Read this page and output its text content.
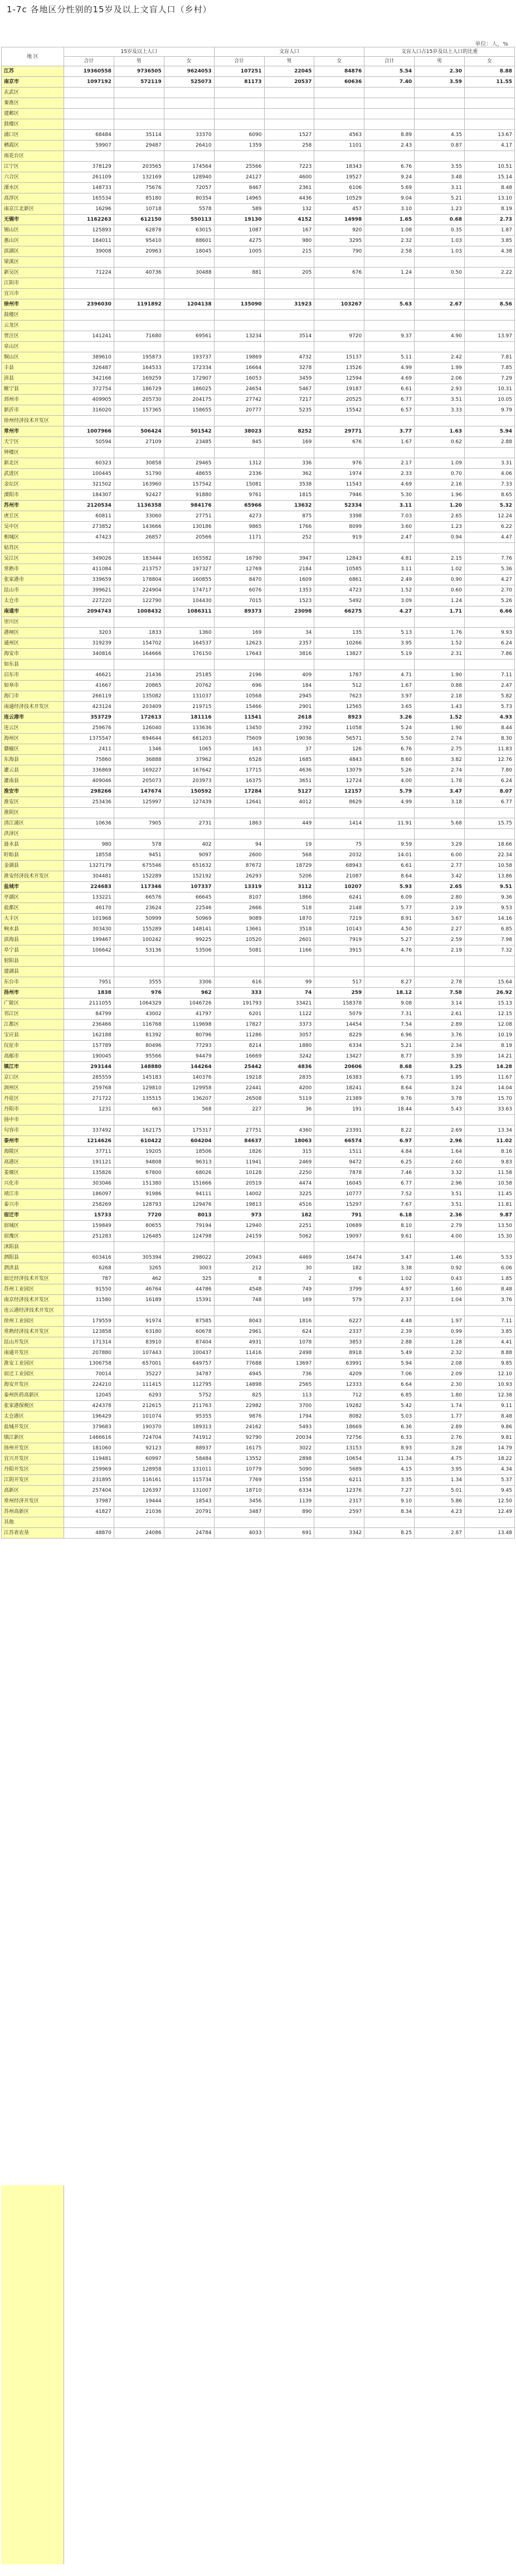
1-7c 各地区分性别的15岁及以上文盲人口（乡村）
单位：人，%
地 区	15岁及以上人口			文盲人口			文盲人口占15岁及以上人口的比重		
	合计	男	女	合计	男	女	合计	男	女
江苏	19360558	9736505	9624053	107251	22045	84876	5.54	2.30	8.88
南京市	1097192	572119	525073	81173	20537	60636	7.40	3.59	11.55
玄武区									
秦淮区									
建邺区									
鼓楼区									
浦口区	68484	35114	33370	6090	1527	4563	8.89	4.35	13.67
栖霞区	59907	29487	26410	1359	258	1101	2.43	0.87	4.17
雨花台区									
江宁区	378129	203565	174564	25566	7223	18343	6.76	3.55	10.51
六合区	261109	132169	128940	24127	4600	19527	9.24	3.48	15.14
溧水区	148733	75676	72057	8467	2361	6106	5.69	3.11	8.48
高淳区	165534	85180	80354	14965	4436	10529	9.04	5.21	13.10
南京江北新区	16296	10718	5578	589	132	457	3.10	1.23	8.19
无锡市	1162263	612150	550113	19130	4152	14998	1.65	0.68	2.73
锡山区	125893	62878	63015	1087	167	920	1.08	0.35	1.87
惠山区	184011	95410	88601	4275	980	3295	2.32	1.03	3.85
滨湖区	39008	20963	18045	1005	215	790	2.58	1.03	4.38
梁溪区									
新吴区	71224	40736	30488	881	205	676	1.24	0.50	2.22
江阴市									
宜兴市									
徐州市	2396030	1191892	1204138	135090	31923	103267	5.63	2.67	8.56
鼓楼区									
云龙区									
贾汪区	141241	71680	69561	13234	3514	9720	9.37	4.90	13.97
泉山区									
铜山区	389610	195873	193737	19869	4732	15137	5.11	2.42	7.81
丰县	326487	164533	172334	16664	3278	13526	4.99	1.99	7.85
沛县	342166	169259	172907	16053	3459	12594	4.69	2.06	7.29
睢宁县	372754	186729	186025	24654	5467	19187	6.61	2.93	10.31
邳州市	409905	205730	204175	27742	7217	20525	6.77	3.51	10.05
新沂市	316020	157365	158655	20777	5235	15542	6.57	3.33	9.79
徐州经济技术开发区									
常州市	1007966	506424	501542	38023	8252	29771	3.77	1.63	5.94
天宁区	50594	27109	23485	845	169	676	1.67	0.62	2.88
钟楼区									
新北区	60323	30858	29465	1312	336	976	2.17	1.09	3.31
武进区	100445	51790	48655	2336	362	1974	2.33	0.70	4.06
金坛区	321502	163960	157542	15081	3538	11543	4.69	2.16	7.33
溧阳市	184307	92427	91880	9761	1815	7946	5.30	1.96	8.65
苏州市	2120534	1136358	984176	65966	13632	52334	3.11	1.20	5.32
虎丘区	60811	33060	27751	4273	875	3398	7.03	2.65	12.24
吴中区	273852	143666	130186	9865	1766	8099	3.60	1.23	6.22
相城区	47423	26857	20566	1171	252	919	2.47	0.94	4.47
姑苏区									
吴江区	349026	183444	165582	16790	3947	12843	4.81	2.15	7.76
常熟市	411084	213757	197327	12769	2184	10585	3.11	1.02	5.36
张家港市	339659	178804	160855	8470	1609	6861	2.49	0.90	4.27
昆山市	399621	224904	174717	6076	1353	4723	1.52	0.60	2.70
太仓市	227220	122790	104430	7015	1523	5492	3.09	1.24	5.26
南通市	2094743	1008432	1086311	89373	23098	66275	4.27	1.71	6.66
崇川区									
港闸区	3203	1833	1360	169	34	135	5.13	1.76	9.93
通州区	319239	154702	164537	12623	2357	10266	3.95	1.52	6.24
海安市	340816	164666	176150	17643	3816	13827	5.19	2.31	7.86
如东县									
启东市	46621	21436	25185	2196	409	1787	4.71	1.90	7.11
如皋市	41667	20865	20762	696	184	512	1.67	0.88	2.47
海门市	266119	135082	131037	10568	2945	7623	3.97	2.18	5.82
南通经济技术开发区	423124	203409	219715	15466	2901	12565	3.65	1.43	5.73
连云港市	353729	172613	181116	11541	2618	8923	3.26	1.52	4.93
连云区	259676	126040	133636	13450	2392	11058	5.24	1.90	8.44
海州区	1375547	694644	681203	75609	19036	56571	5.50	2.74	8.30
赣榆区	2411	1346	1065	163	37	126	6.76	2.75	11.83
东海县	75860	36888	37962	6528	1685	4843	8.60	3.82	12.76
灌云县	336869	169227	167642	17715	4636	13079	5.26	2.74	7.80
灌南县	409046	205073	203973	16375	3651	12724	4.00	1.78	6.24
淮安市	298266	147674	150592	17284	5127	12157	5.79	3.47	8.07
淮安区	253436	125997	127439	12641	4012	8629	4.99	3.18	6.77
淮阴区									
清江浦区	10636	7905	2731	1863	449	1414	11.91	5.68	15.75
洪泽区									
涟水县	980	578	402	94	19	75	9.59	3.29	18.66
盱眙县	18558	9451	9097	2600	568	2032	14.01	6.00	22.34
金湖县	1327179	675546	651632	87672	18729	68943	6.61	2.77	10.58
淮安经济技术开发区	304481	152289	152192	26293	5206	21087	8.64	3.42	13.86
盐城市	224683	117346	107337	13319	3112	10207	5.93	2.65	9.51
亭湖区	133221	66576	66645	8107	1866	6241	6.09	2.80	9.36
盐都区	46170	23624	22546	2666	518	2148	5.77	2.19	9.53
大丰区	101968	50999	50969	9089	1870	7219	8.91	3.67	14.16
响水县	303430	155289	148141	13661	3518	10143	4.50	2.27	6.85
滨海县	199467	100242	99225	10520	2601	7919	5.27	2.59	7.98
阜宁县	106642	53136	53506	5081	1166	3915	4.76	2.19	7.32
射阳县									
建湖县									
东台市	7951	3555	3306	616	99	517	8.27	2.78	15.64
扬州市	1838	976	962	333	74	259	18.12	7.58	26.92
广陵区	2111055	1064329	1046726	191793	33421	158378	9.08	3.14	15.13
邗江区	84799	43002	41797	6201	1122	5079	7.31	2.61	12.15
江都区	236466	116768	119698	17827	3373	14454	7.54	2.89	12.08
宝应县	162188	81392	80796	11286	3057	8229	6.96	3.76	10.19
仪征市	157789	80496	77293	8214	1880	6334	5.21	2.34	8.19
高邮市	190045	95566	94479	16669	3242	13427	8.77	3.39	14.21
镇江市	293144	148880	144264	25442	4836	20606	8.68	3.25	14.28
京口区	285559	145183	140376	19218	2835	16383	6.73	1.95	11.67
润州区	259768	129810	129958	22441	4200	18241	8.64	3.24	14.04
丹徒区	271722	135515	136207	26508	5119	21389	9.76	3.78	15.70
丹阳市	1231	663	568	227	36	191	18.44	5.43	33.63
扬中市									
句容市	337492	162175	175317	27751	4360	23391	8.22	2.69	13.34
泰州市	1214626	610422	604204	84637	18063	66574	6.97	2.96	11.02
海陵区	37711	19205	18506	1826	315	1511	4.84	1.64	8.16
高港区	191121	94808	96313	11941	2469	9472	6.25	2.60	9.83
姜堰区	135826	67800	68026	10128	2250	7878	7.46	3.32	11.58
兴化市	303046	151380	151666	20519	4474	16045	6.77	2.96	10.58
靖江市	186097	91986	94111	14002	3225	10777	7.52	3.51	11.45
泰兴市	258269	128793	129476	19813	4516	15297	7.67	3.51	11.81
宿迁市	15733	7720	8013	973	182	791	6.18	2.36	9.87
宿城区	159849	80655	79194	12940	2251	10689	8.10	2.79	13.50
宿豫区	251283	126485	124798	24159	5062	19097	9.61	4.00	15.30
沭阳县									
泗阳县	603416	305394	298022	20943	4469	16474	3.47	1.46	5.53
泗洪县	6268	3265	3003	212	30	182	3.38	0.92	6.06
宿迁经济技术开发区	787	462	325	8	2	6	1.02	0.43	1.85
苏州工业园区	91550	46764	44786	4548	749	3799	4.97	1.60	8.48
南京经济技术开发区	31580	16189	15391	748	169	579	2.37	1.04	3.76
连云港经济技术开发区									
徐州工业园区	179559	91974	87585	8043	1816	6227	4.48	1.97	7.11
常熟经济技术开发区	123858	63180	60678	2961	624	2337	2.39	0.99	3.85
昆山开发区	171314	83910	87404	4931	1078	3853	2.88	1.28	4.41
南通开发区	207880	107443	100437	11416	2498	8918	5.49	2.32	8.88
淮安工业园区	1306758	657001	649757	77688	13697	63991	5.94	2.08	9.85
宿迁工业园区	70014	35227	34787	4945	736	4209	7.06	2.09	12.10
海安开发区	224210	111415	112795	14898	2565	12333	6.64	2.30	10.93
泰州医药高新区	12045	6293	5752	825	113	712	6.85	1.80	12.38
张家港保税区	424378	212615	211763	22982	3700	19282	5.42	1.74	9.11
太仓港区	196429	101074	95355	9876	1794	8082	5.03	1.77	8.48
盐城开发区	379683	190370	189313	24162	5493	18669	6.36	2.89	9.86
镇江新区	1466616	724704	741912	92790	20034	72756	6.33	2.76	9.81
扬州开发区	181060	92123	88937	16175	3022	13153	8.93	3.28	14.79
宜兴开发区	119481	60997	58484	13552	2898	10654	11.34	4.75	18.22
丹阳开发区	259969	128958	131011	10779	5090	5689	4.15	3.95	4.34
江阴开发区	231895	116161	115734	7769	1558	6211	3.35	1.34	5.37
高新区	257404	126397	131007	18710	6334	12376	7.27	5.01	9.45
常州经济开发区	37987	19444	18543	3456	1139	2317	9.10	5.86	12.50
苏州高新区	41827	21036	20791	3487	890	2597	8.34	4.23	12.49
其他									
江苏省农垦	48870	24086	24784	4033	691	3342	8.25	2.87	13.48
